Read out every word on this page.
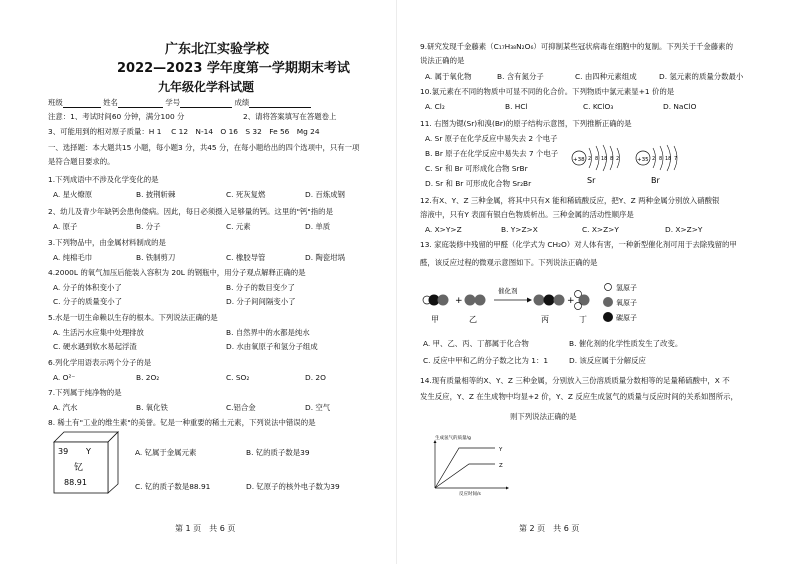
广东北江实验学校
2022—2023 学年度第一学期期末考试
九年级化学科试题
班级	姓名	学号	成绩
注意：1、考试时间60 分钟，满分100 分	2、请将答案填写在答题卷上
3、可能用到的相对原子质量：H 1　 C 12　N-14　O 16　S 32　Fe 56　Mg 24
一、选择题：本大题共15 小题，每小题3 分，共45 分，在每小题给出的四个选项中，只有一项
是符合题目要求的。
1.下列成语中不涉及化学变化的是
A. 星火燎原	B. 披荆斩棘	C. 死灰复燃	D. 百炼成钢
2、幼儿及青少年缺钙会患佝偻病。因此，每日必须摄入足够量的钙。这里的"钙"指的是
A. 原子	B. 分子	C. 元素	D. 单质
3.下列物品中，由金属材料制成的是
A. 纯棉毛巾	B. 铁制剪刀	C. 橡胶导管	D. 陶瓷坩埚
4.2000L 的氧气加压后能装入容积为 20L 的钢瓶中，用分子观点解释正确的是
A. 分子的体积变小了	B. 分子的数目变少了
C. 分子的质量变小了	D. 分子间间隔变小了
5.水是一切生命赖以生存的根本。下列说法正确的是
A. 生活污水应集中处理排放	B. 自然界中的水都是纯水
C. 硬水遇到软水易起浮渣	D. 水由氧原子和氢分子组成
6.列化学用语表示两个分子的是
A. O²⁻	B. 2O₂	C. SO₂	D. 2O
7.下列属于纯净物的是
A. 汽水	B. 氧化铁	C.铝合金	D. 空气
8. 稀土有"工业的维生素"的美誉。钇是一种重要的稀土元素，下列说法中错误的是
39 Y
钇
88.91
A. 钇属于金属元素	B. 钇的质子数是39
C. 钇的质子数是88.91	D. 钇原子的核外电子数为39
第 1 页　共 6 页
9.研究发现千金藤素（C₁₇H₃₈N₂O₆）可抑制某些冠状病毒在细胞中的复制。下列关于千金藤素的
说法正确的是
A. 属于氧化物	B. 含有氮分子	C. 由四种元素组成	D. 氢元素的质量分数最小
10.氯元素在不同的物质中可显不同的化合价。下列物质中氯元素显+1 价的是
A. Cl₂	B. HCl	C. KClO₃	D. NaClO
11. 右图为锶(Sr)和溴(Br)的原子结构示意图，下列推断正确的是
A. Sr 原子在化学反应中易失去 2 个电子
B. Br 原子在化学反应中易失去 7 个电子
C. Sr 和 Br 可形成化合物 SrBr
D. Sr 和 Br 可形成化合物 Sr₂Br
+38 2 8 18 8 2
Sr
+35 2 8 18 7
Br
12.有X、Y、Z 三种金属，将其中只有X 能和稀硫酸反应，把Y、Z 两种金属分别放入硝酸银
溶液中，只有Y 表面有银白色物质析出。三种金属的活动性顺序是
A. X>Y>Z	B. Y>Z>X	C. X>Z>Y	D. X>Z>Y
13. 家庭装修中残留的甲醛（化学式为 CH₂O）对人体有害，一种新型催化剂可用于去除残留的甲
醛，该反应过程的微观示意图如下。下列说法正确的是
+
催化剂
+
甲	乙	丙	丁
氢原子
氧原子
碳原子
A. 甲、乙、丙、丁都属于化合物	B. 催化剂的化学性质发生了改变。
C. 反应中甲和乙的分子数之比为 1：1	D. 该反应属于分解反应
14.现有质量相等的X、Y、Z 三种金属，分别放入三份溶质质量分数相等的足量稀硫酸中，X 不
发生反应，Y、Z 在生成物中均显+2 价，Y、Z 反应生成氢气的质量与反应时间的关系如图所示，
则下列说法正确的是
生成氢气的质量/g
Y
Z
反应时间/s
第 2 页　共 6 页
